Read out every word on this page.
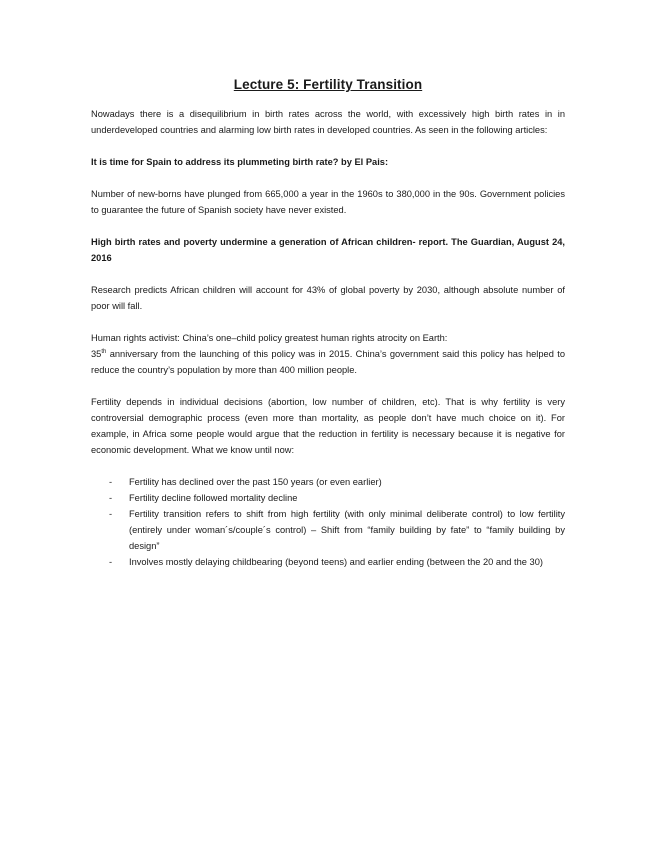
Lecture 5: Fertility Transition

Nowadays there is a disequilibrium in birth rates across the world, with excessively high birth rates in in underdeveloped countries and alarming low birth rates in developed countries. As seen in the following articles:

It is time for Spain to address its plummeting birth rate? by El Pais:

Number of new-borns have plunged from 665,000 a year in the 1960s to 380,000 in the 90s. Government policies to guarantee the future of Spanish society have never existed.

High birth rates and poverty undermine a generation of African children- report. The Guardian, August 24, 2016

Research predicts African children will account for 43% of global poverty by 2030, although absolute number of poor will fall.

Human rights activist: China’s one–child policy greatest human rights atrocity on Earth:

35th anniversary from the launching of this policy was in 2015. China’s government said this policy has helped to reduce the country’s population by more than 400 million people.

Fertility depends in individual decisions (abortion, low number of children, etc). That is why fertility is very controversial demographic process (even more than mortality, as people don’t have much choice on it). For example, in Africa some people would argue that the reduction in fertility is necessary because it is negative for economic development. What we know until now:

- Fertility has declined over the past 150 years (or even earlier)
- Fertility decline followed mortality decline
- Fertility transition refers to shift from high fertility (with only minimal deliberate control) to low fertility (entirely under woman´s/couple´s control) – Shift from “family building by fate” to “family building by design”
- Involves mostly delaying childbearing (beyond teens) and earlier ending (between the 20 and the 30)
